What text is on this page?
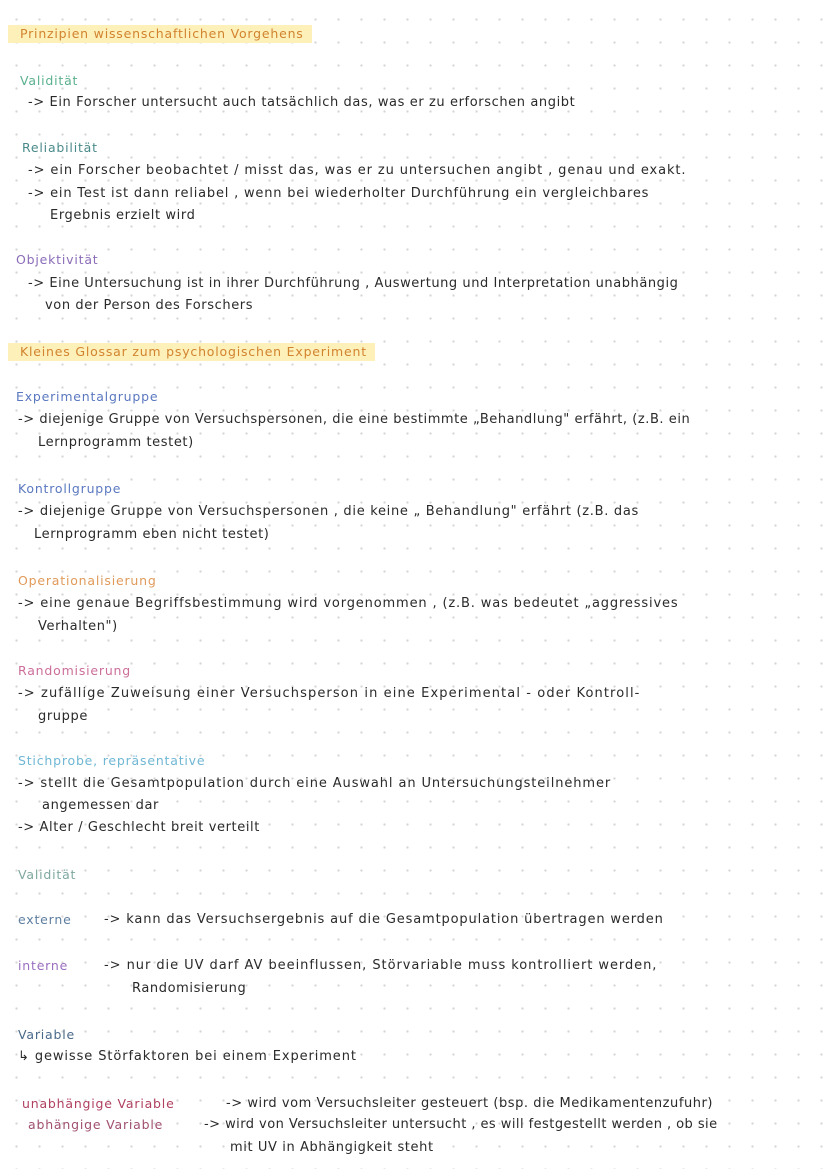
Prinzipien wissenschaftlichen Vorgehens
Validität
-> Ein Forscher untersucht auch tatsächlich das, was er zu erforschen angibt
Reliabilität
-> ein Forscher beobachtet / misst das, was er zu untersuchen angibt , genau und exakt.
-> ein Test ist dann reliabel , wenn bei wiederholter Durchführung ein vergleichbares
Ergebnis erzielt wird
Objektivität
-> Eine Untersuchung ist in ihrer Durchführung , Auswertung und Interpretation unabhängig
von der Person des Forschers
Kleines Glossar zum psychologischen Experiment
Experimentalgruppe
-> diejenige Gruppe von Versuchspersonen, die eine bestimmte „Behandlung" erfährt, (z.B. ein
Lernprogramm testet)
Kontrollgruppe
-> diejenige Gruppe von Versuchspersonen , die keine „ Behandlung" erfährt (z.B. das
Lernprogramm eben nicht testet)
Operationalisierung
-> eine genaue Begriffsbestimmung wird vorgenommen , (z.B. was bedeutet „aggressives
Verhalten")
Randomisierung
-> zufällige Zuweisung einer Versuchsperson in eine Experimental - oder Kontroll-
gruppe
Stichprobe, repräsentative
-> stellt die Gesamtpopulation durch eine Auswahl an Untersuchungsteilnehmer
angemessen dar
-> Alter / Geschlecht breit verteilt
Validität
externe -> kann das Versuchsergebnis auf die Gesamtpopulation übertragen werden
interne	-> nur die UV darf AV beeinflussen, Störvariable muss kontrolliert werden,
Randomisierung
Variable
↳ gewisse Störfaktoren bei einem Experiment
unabhängige Variable	-> wird vom Versuchsleiter gesteuert (bsp. die Medikamentenzufuhr)
abhängige Variable	-> wird von Versuchsleiter untersucht , es will festgestellt werden , ob sie
mit UV in Abhängigkeit steht
